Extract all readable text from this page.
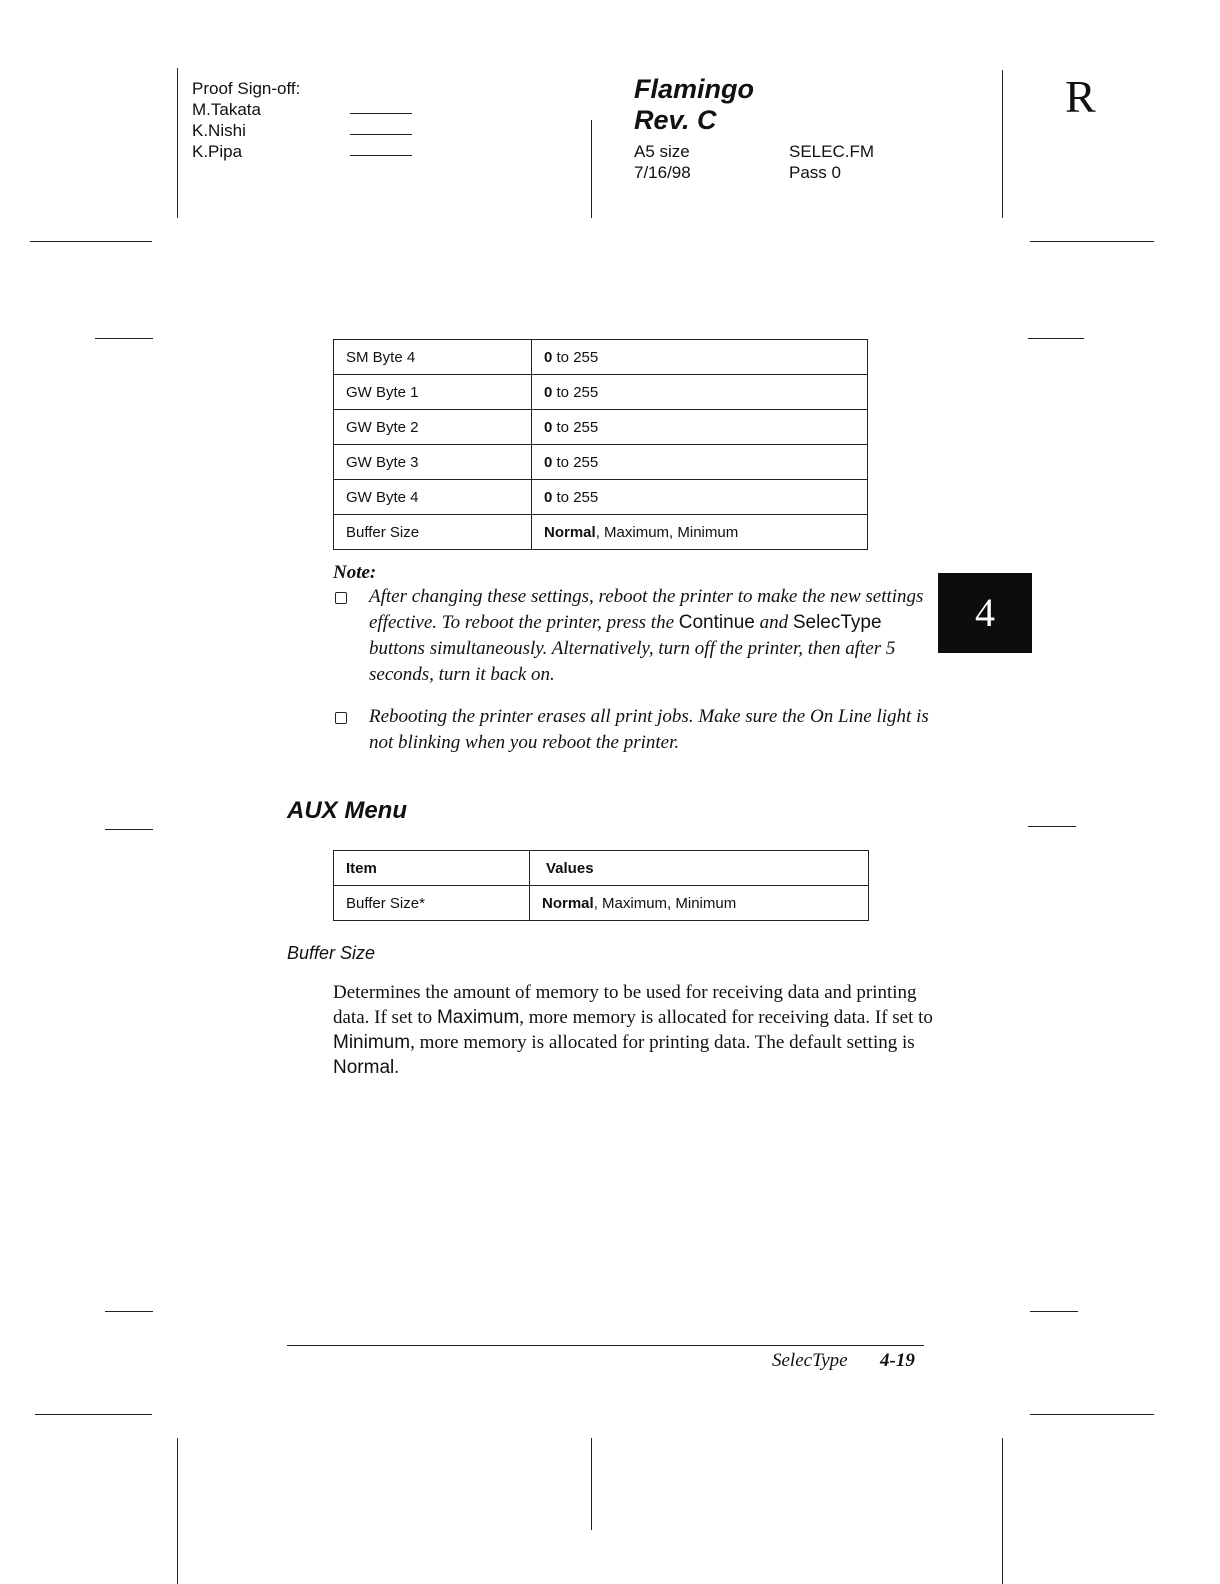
Proof Sign-off:
M.Takata
K.Nishi
K.Pipa
Flamingo
Rev. C
A5 size
7/16/98
SELEC.FM
Pass 0
R
SM Byte 4	0 to 255
GW Byte 1	0 to 255
GW Byte 2	0 to 255
GW Byte 3	0 to 255
GW Byte 4	0 to 255
Buffer Size	Normal, Maximum, Minimum
Note:
After changing these settings, reboot the printer to make the new settings effective. To reboot the printer, press the Continue and SelecType buttons simultaneously. Alternatively, turn off the printer, then after 5 seconds, turn it back on.
Rebooting the printer erases all print jobs. Make sure the On Line light is not blinking when you reboot the printer.
4
AUX Menu
Item	Values
Buffer Size*	Normal, Maximum, Minimum
Buffer Size
Determines the amount of memory to be used for receiving data and printing data. If set to Maximum, more memory is allocated for receiving data. If set to Minimum, more memory is allocated for printing data. The default setting is Normal.
SelecType 4-19
